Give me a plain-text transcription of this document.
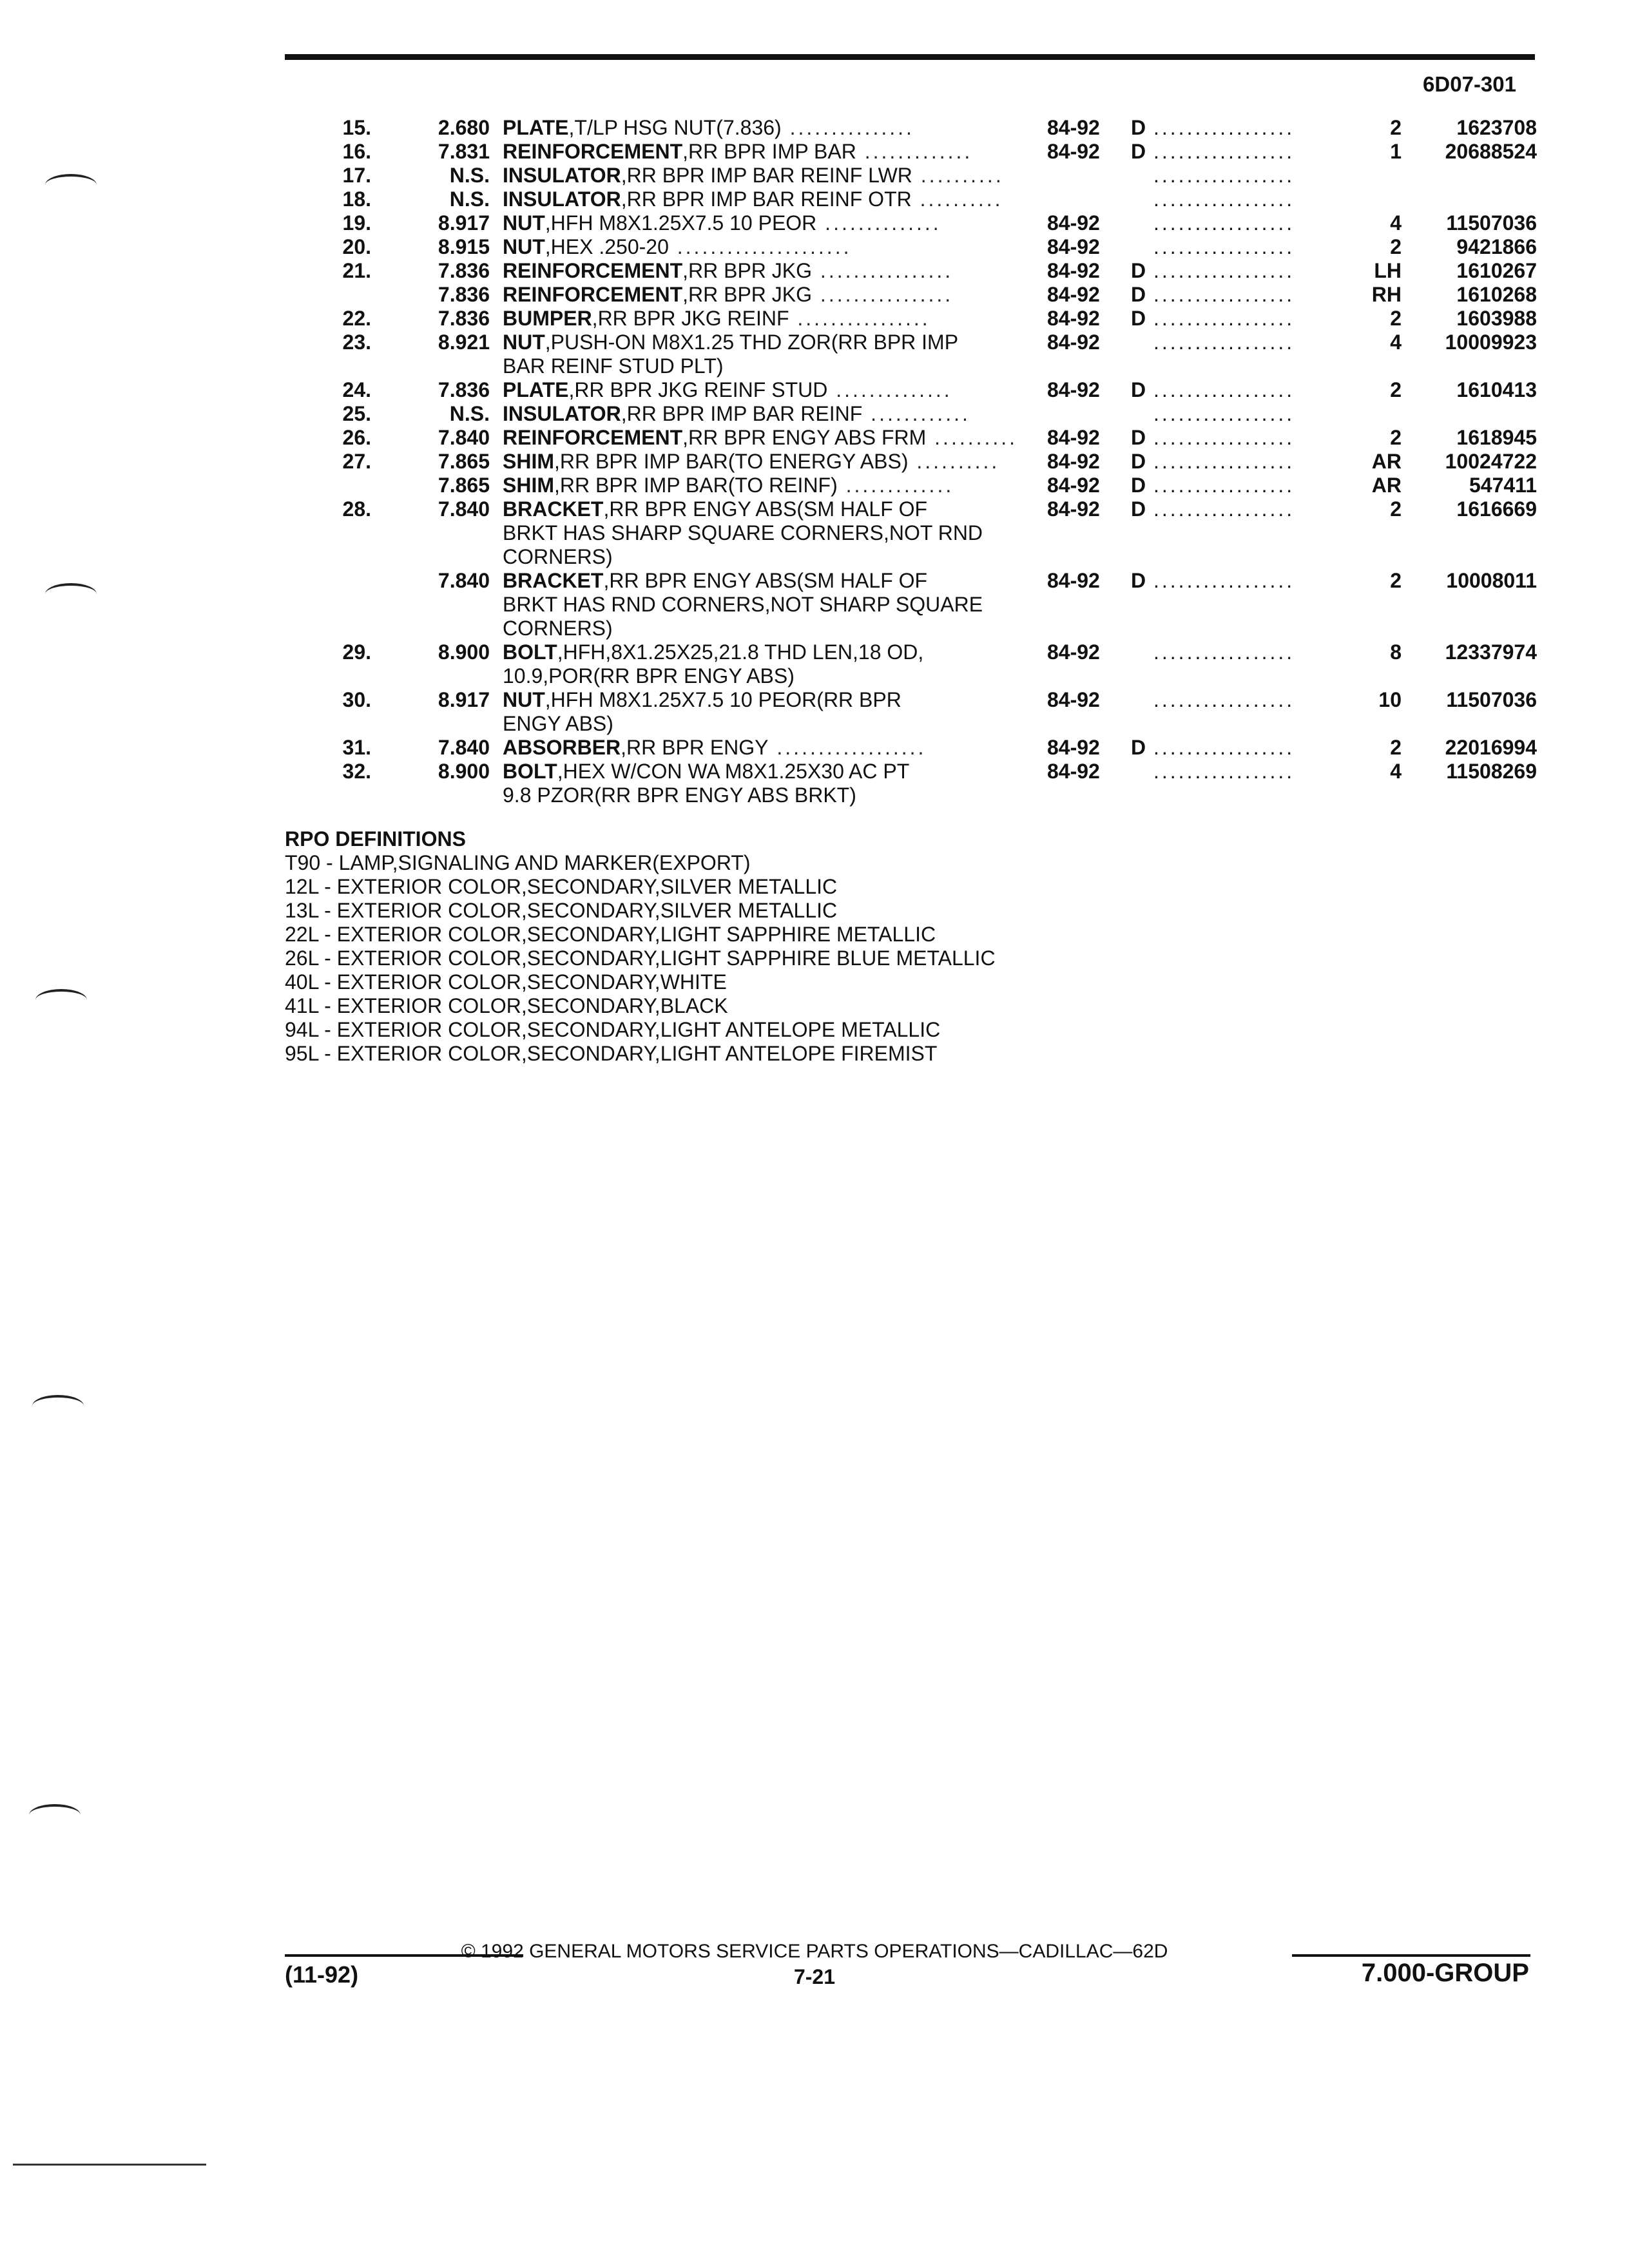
6D07-301
15.	2.680 PLATE,T/LP HSG NUT(7.836) ...............	84-92	D .................	2	1623708
16.	7.831 REINFORCEMENT,RR BPR IMP BAR .............	84-92	D .................	1	20688524
17.	N.S. INSULATOR,RR BPR IMP BAR REINF LWR ..........	.................
18.	N.S. INSULATOR,RR BPR IMP BAR REINF OTR ..........	.................
19.	8.917 NUT,HFH M8X1.25X7.5 10 PEOR ..............	84-92	.................	4	11507036
20.	8.915 NUT,HEX .250-20 .....................	84-92	.................	2	9421866
21.	7.836 REINFORCEMENT,RR BPR JKG ................	84-92	D .................	LH	1610267
7.836 REINFORCEMENT,RR BPR JKG ................	84-92	D .................	RH	1610268
22.	7.836 BUMPER,RR BPR JKG REINF ................	84-92	D .................	2	1603988
23.	8.921 NUT,PUSH-ON M8X1.25 THD ZOR(RR BPR IMP
BAR REINF STUD PLT)
84-92	.................	4	10009923
24.	7.836 PLATE,RR BPR JKG REINF STUD ..............	84-92	D .................	2	1610413
25.	N.S. INSULATOR,RR BPR IMP BAR REINF ............	.................
26.	7.840 REINFORCEMENT,RR BPR ENGY ABS FRM ..........	84-92	D .................	2	1618945
27.	7.865 SHIM,RR BPR IMP BAR(TO ENERGY ABS) ..........	84-92	D .................	AR	10024722
7.865 SHIM,RR BPR IMP BAR(TO REINF) .............	84-92	D .................	AR	547411
28.	7.840 BRACKET,RR BPR ENGY ABS(SM HALF OF
BRKT HAS SHARP SQUARE CORNERS,NOT RND CORNERS)
84-92	D .................	2	1616669
7.840 BRACKET,RR BPR ENGY ABS(SM HALF OF
BRKT HAS RND CORNERS,NOT SHARP SQUARE CORNERS)
84-92	D .................	2	10008011
29.	8.900 BOLT,HFH,8X1.25X25,21.8 THD LEN,18 OD,
10.9,POR(RR BPR ENGY ABS)
84-92	.................	8	12337974
30.	8.917 NUT,HFH M8X1.25X7.5 10 PEOR(RR BPR
ENGY ABS)
84-92	.................	10	11507036
31.	7.840 ABSORBER,RR BPR ENGY ..................	84-92	D .................	2	22016994
32.	8.900 BOLT,HEX W/CON WA M8X1.25X30 AC PT
9.8 PZOR(RR BPR ENGY ABS BRKT)
84-92	.................	4	11508269
RPO DEFINITIONS
T90 - LAMP,SIGNALING AND MARKER(EXPORT)
12L - EXTERIOR COLOR,SECONDARY,SILVER METALLIC
13L - EXTERIOR COLOR,SECONDARY,SILVER METALLIC
22L - EXTERIOR COLOR,SECONDARY,LIGHT SAPPHIRE METALLIC
26L - EXTERIOR COLOR,SECONDARY,LIGHT SAPPHIRE BLUE METALLIC
40L - EXTERIOR COLOR,SECONDARY,WHITE
41L - EXTERIOR COLOR,SECONDARY,BLACK
94L - EXTERIOR COLOR,SECONDARY,LIGHT ANTELOPE METALLIC
95L - EXTERIOR COLOR,SECONDARY,LIGHT ANTELOPE FIREMIST
© 1992 GENERAL MOTORS SERVICE PARTS OPERATIONS—CADILLAC—62D
(11-92)	7-21	7.000-GROUP
